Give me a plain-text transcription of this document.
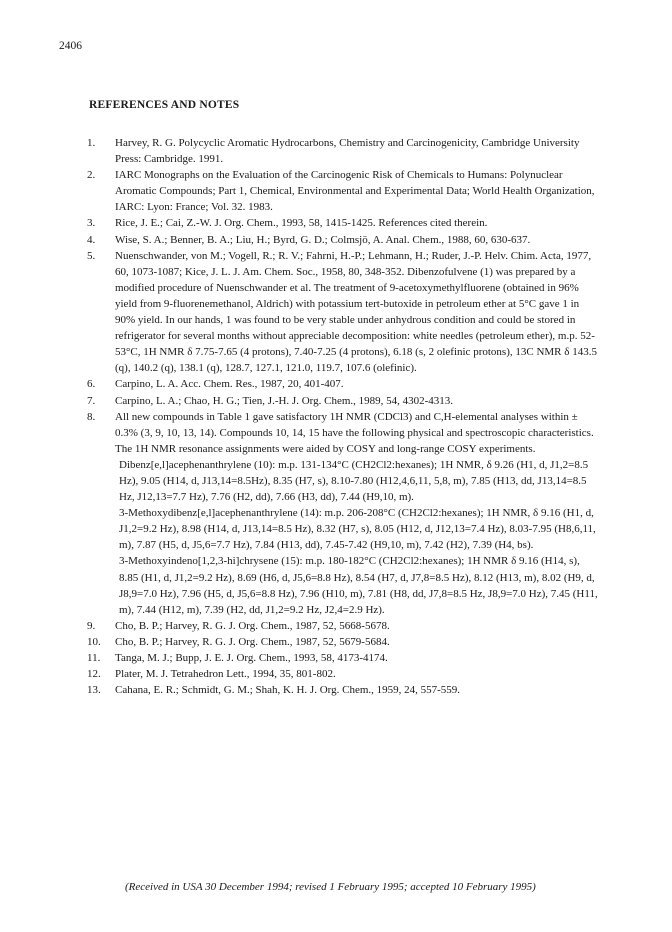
2406
REFERENCES AND NOTES
1. Harvey, R. G. Polycyclic Aromatic Hydrocarbons, Chemistry and Carcinogenicity, Cambridge University Press: Cambridge. 1991.
2. IARC Monographs on the Evaluation of the Carcinogenic Risk of Chemicals to Humans: Polynuclear Aromatic Compounds; Part 1, Chemical, Environmental and Experimental Data; World Health Organization, IARC: Lyon: France; Vol. 32. 1983.
3. Rice, J. E.; Cai, Z.-W. J. Org. Chem., 1993, 58, 1415-1425. References cited therein.
4. Wise, S. A.; Benner, B. A.; Liu, H.; Byrd, G. D.; Colmsjö, A. Anal. Chem., 1988, 60, 630-637.
5. Nuenschwander, von M.; Vogell, R.; R. V.; Fahrni, H.-P.; Lehmann, H.; Ruder, J.-P. Helv. Chim. Acta, 1977, 60, 1073-1087; Kice, J. L. J. Am. Chem. Soc., 1958, 80, 348-352. Dibenzofulvene (1) was prepared by a modified procedure of Nuenschwander et al. The treatment of 9-acetoxymethylfluorene (obtained in 96% yield from 9-fluorenemethanol, Aldrich) with potassium tert-butoxide in petroleum ether at 5°C gave 1 in 90% yield. In our hands, 1 was found to be very stable under anhydrous condition and could be stored in refrigerator for several months without appreciable decomposition: white needles (petroleum ether), m.p. 52-53°C, 1H NMR δ 7.75-7.65 (4 protons), 7.40-7.25 (4 protons), 6.18 (s, 2 olefinic protons), 13C NMR δ 143.5 (q), 140.2 (q), 138.1 (q), 128.7, 127.1, 121.0, 119.7, 107.6 (olefinic).
6. Carpino, L. A. Acc. Chem. Res., 1987, 20, 401-407.
7. Carpino, L. A.; Chao, H. G.; Tien, J.-H. J. Org. Chem., 1989, 54, 4302-4313.
8. All new compounds in Table 1 gave satisfactory 1H NMR (CDCl3) and C,H-elemental analyses within ± 0.3% (3, 9, 10, 13, 14). Compounds 10, 14, 15 have the following physical and spectroscopic characteristics. The 1H NMR resonance assignments were aided by COSY and long-range COSY experiments.
Dibenz[e,l]acephenanthrylene (10): m.p. 131-134°C (CH2Cl2:hexanes); 1H NMR, δ 9.26 (H1, d, J1,2=8.5 Hz), 9.05 (H14, d, J13,14=8.5Hz), 8.35 (H7, s), 8.10-7.80 (H12,4,6,11, 5,8, m), 7.85 (H13, dd, J13,14=8.5 Hz, J12,13=7.7 Hz), 7.76 (H2, dd), 7.66 (H3, dd), 7.44 (H9,10, m).
3-Methoxydibenz[e,l]acephenanthrylene (14): m.p. 206-208°C (CH2Cl2:hexanes); 1H NMR, δ 9.16 (H1, d, J1,2=9.2 Hz), 8.98 (H14, d, J13,14=8.5 Hz), 8.32 (H7, s), 8.05 (H12, d, J12,13=7.4 Hz), 8.03-7.95 (H8,6,11, m), 7.87 (H5, d, J5,6=7.7 Hz), 7.84 (H13, dd), 7.45-7.42 (H9,10, m), 7.42 (H2), 7.39 (H4, bs).
3-Methoxyindeno[1,2,3-hi]chrysene (15): m.p. 180-182°C (CH2Cl2:hexanes); 1H NMR δ 9.16 (H14, s), 8.85 (H1, d, J1,2=9.2 Hz), 8.69 (H6, d, J5,6=8.8 Hz), 8.54 (H7, d, J7,8=8.5 Hz), 8.12 (H13, m), 8.02 (H9, d, J8,9=7.0 Hz), 7.96 (H5, d, J5,6=8.8 Hz), 7.96 (H10, m), 7.81 (H8, dd, J7,8=8.5 Hz, J8,9=7.0 Hz), 7.45 (H11, m), 7.44 (H12, m), 7.39 (H2, dd, J1,2=9.2 Hz, J2,4=2.9 Hz).
9. Cho, B. P.; Harvey, R. G. J. Org. Chem., 1987, 52, 5668-5678.
10. Cho, B. P.; Harvey, R. G. J. Org. Chem., 1987, 52, 5679-5684.
11. Tanga, M. J.; Bupp, J. E. J. Org. Chem., 1993, 58, 4173-4174.
12. Plater, M. J. Tetrahedron Lett., 1994, 35, 801-802.
13. Cahana, E. R.; Schmidt, G. M.; Shah, K. H. J. Org. Chem., 1959, 24, 557-559.
(Received in USA 30 December 1994; revised 1 February 1995; accepted 10 February 1995)
